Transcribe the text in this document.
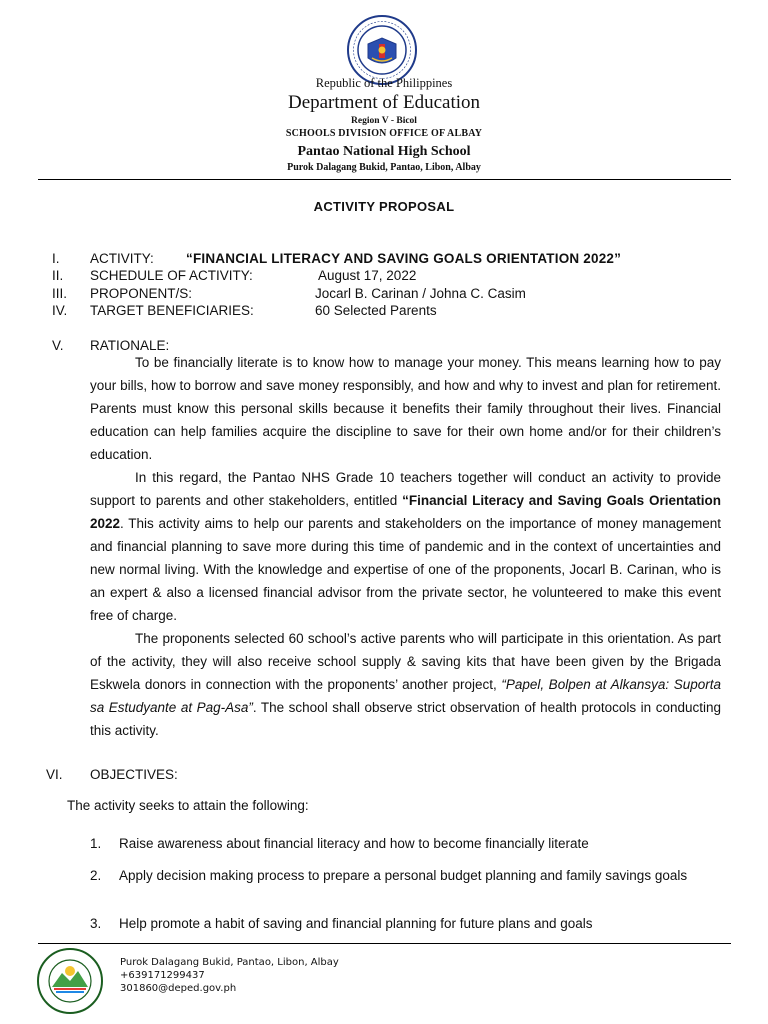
Republic of the Philippines
Department of Education
Region V - Bicol
SCHOOLS DIVISION OFFICE OF ALBAY
Pantao National High School
Purok Dalagang Bukid, Pantao, Libon, Albay
ACTIVITY PROPOSAL
I. ACTIVITY: “FINANCIAL LITERACY AND SAVING GOALS ORIENTATION 2022”
II. SCHEDULE OF ACTIVITY:	August 17, 2022
III. PROPONENT/S:	Jocarl B. Carinan / Johna C. Casim
IV. TARGET BENEFICIARIES:	60 Selected Parents
V. RATIONALE:

To be financially literate is to know how to manage your money. This means learning how to pay your bills, how to borrow and save money responsibly, and how and why to invest and plan for retirement. Parents must know this personal skills because it benefits their family throughout their lives. Financial education can help families acquire the discipline to save for their own home and/or for their children’s education.

In this regard, the Pantao NHS Grade 10 teachers together will conduct an activity to provide support to parents and other stakeholders, entitled “Financial Literacy and Saving Goals Orientation 2022. This activity aims to help our parents and stakeholders on the importance of money management and financial planning to save more during this time of pandemic and in the context of uncertainties and new normal living. With the knowledge and expertise of one of the proponents, Jocarl B. Carinan, who is an expert & also a licensed financial advisor from the private sector, he volunteered to make this event free of charge.

The proponents selected 60 school’s active parents who will participate in this orientation. As part of the activity, they will also receive school supply & saving kits that have been given by the Brigada Eskwela donors in connection with the proponents’ another project, “Papel, Bolpen at Alkansya: Suporta sa Estudyante at Pag-Asa”. The school shall observe strict observation of health protocols in conducting this activity.

VI. OBJECTIVES:
The activity seeks to attain the following:
1.	Raise awareness about financial literacy and how to become financially literate
2.	Apply decision making process to prepare a personal budget planning and family savings goals
3.	Help promote a habit of saving and financial planning for future plans and goals
Purok Dalagang Bukid, Pantao, Libon, Albay
+639171299437
301860@deped.gov.ph
